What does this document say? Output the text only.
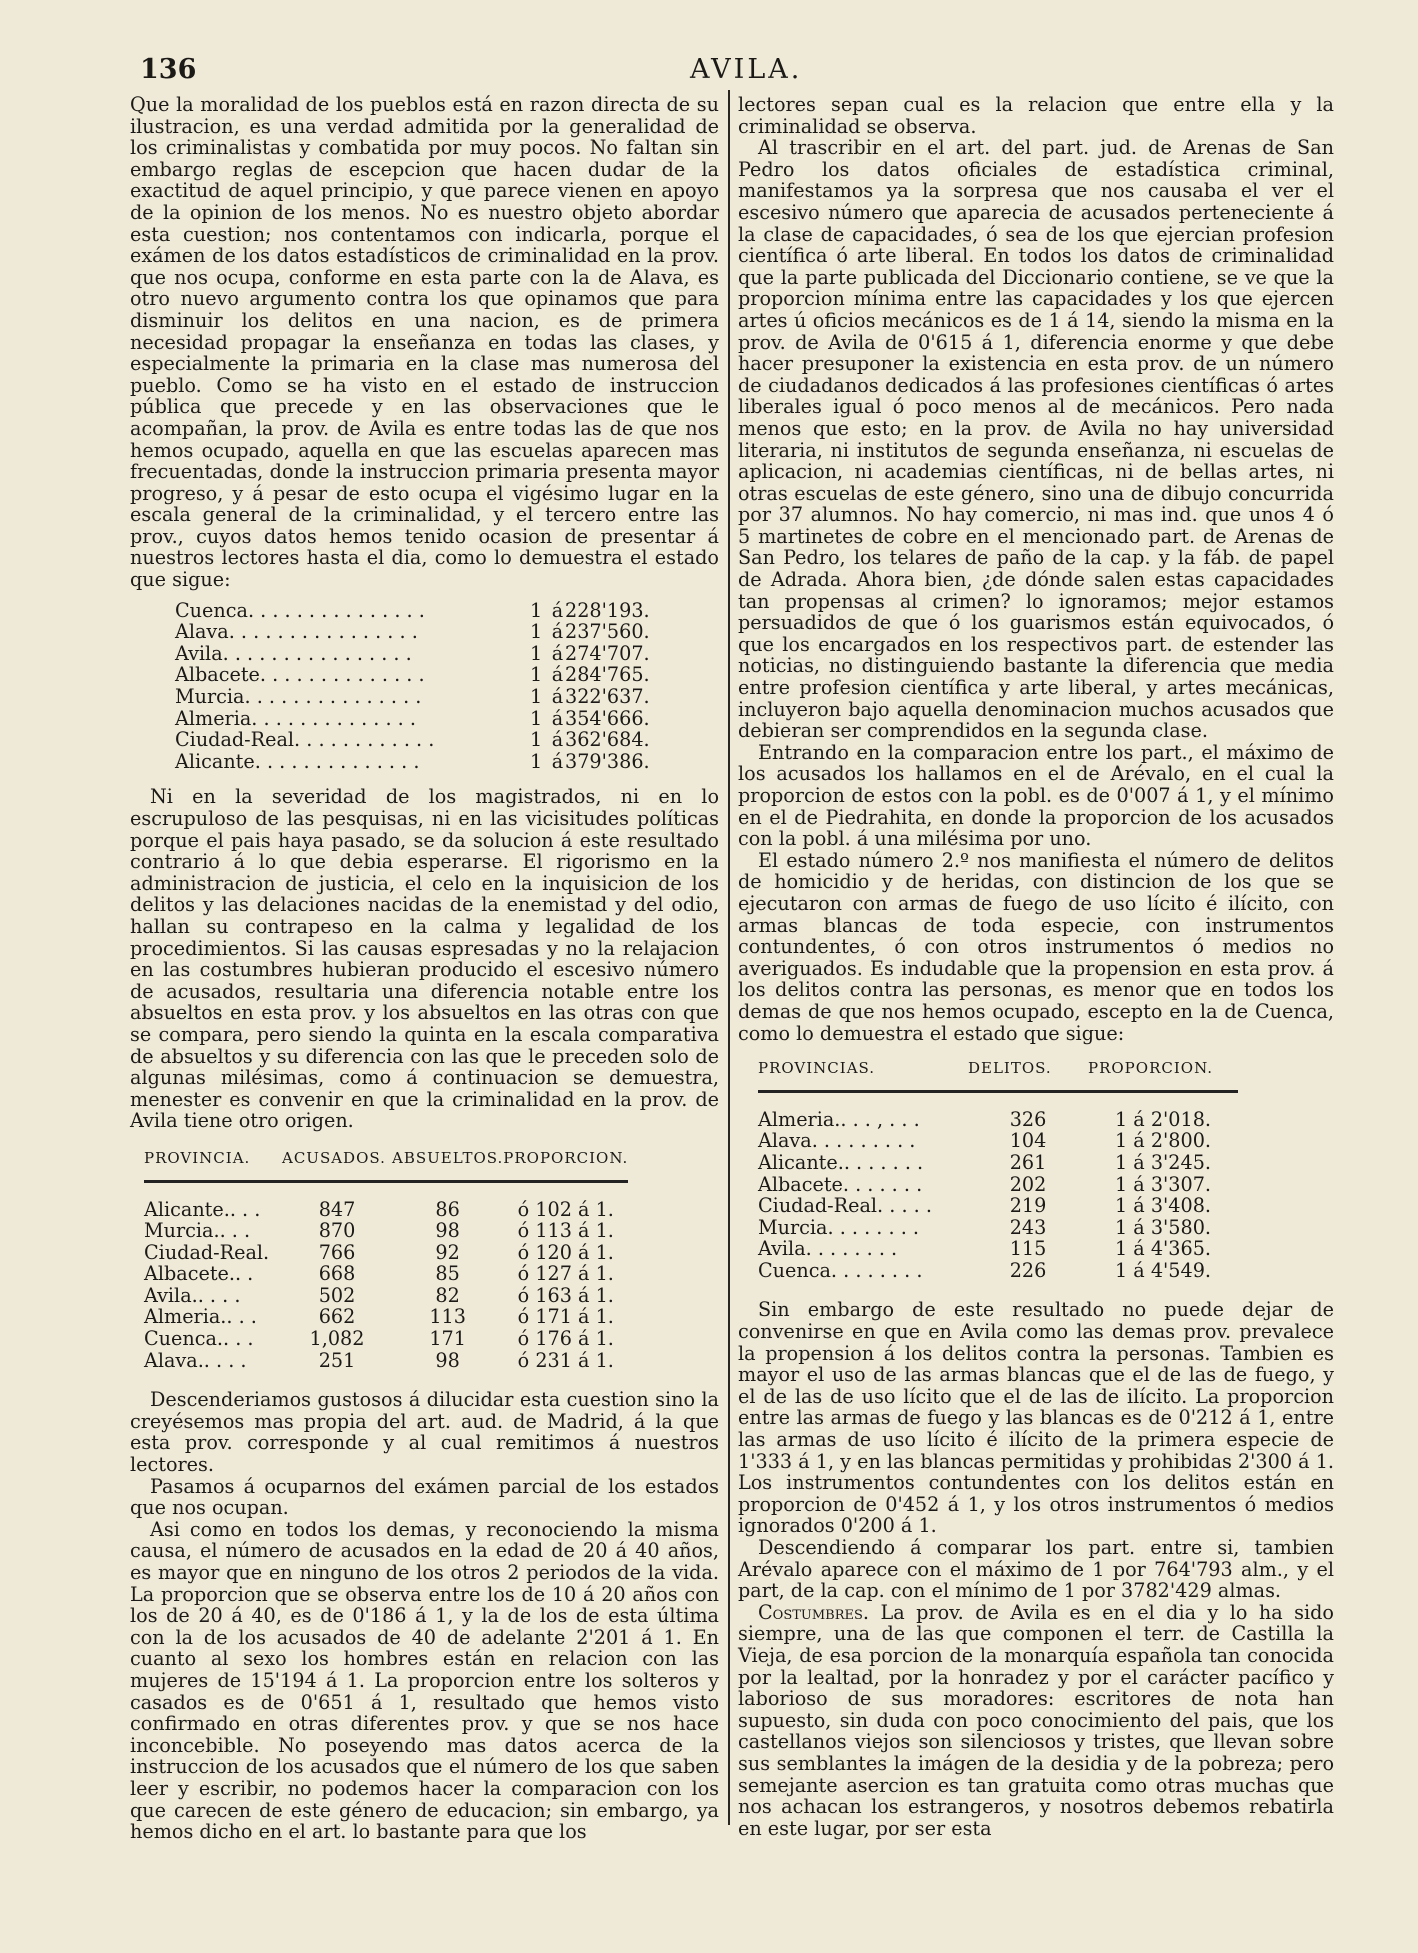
136	AVILA.

Que la moralidad de los pueblos está en razon directa de su ilustracion, es una verdad admitida por la generalidad de los criminalistas y combatida por muy pocos. No faltan sin embargo reglas de escepcion que hacen dudar de la exactitud de aquel principio, y que parece vienen en apoyo de la opinion de los menos. No es nuestro objeto abordar esta cuestion; nos contentamos con indicarla, porque el exámen de los datos estadísticos de criminalidad en la prov. que nos ocupa, conforme en esta parte con la de Alava, es otro nuevo argumento contra los que opinamos que para disminuir los delitos en una nacion, es de primera necesidad propagar la enseñanza en todas las clases, y especialmente la primaria en la clase mas numerosa del pueblo. Como se ha visto en el estado de instruccion pública que precede y en las observaciones que le acompañan, la prov. de Avila es entre todas las de que nos hemos ocupado, aquella en que las escuelas aparecen mas frecuentadas, donde la instruccion primaria presenta mayor progreso, y á pesar de esto ocupa el vigésimo lugar en la escala general de la criminalidad, y el tercero entre las prov., cuyos datos hemos tenido ocasion de presentar á nuestros lectores hasta el dia, como lo demuestra el estado que sigue:

Cuenca. . . . . . . . . . . . . . .	1	á	228'193.
Alava. . . . . . . . . . . . . . . .	1	á	237'560.
Avila. . . . . . . . . . . . . . . .	1	á	274'707.
Albacete. . . . . . . . . . . . . .	1	á	284'765.
Murcia. . . . . . . . . . . . . . .	1	á	322'637.
Almeria. . . . . . . . . . . . . .	1	á	354'666.
Ciudad-Real. . . . . . . . . . . .	1	á	362'684.
Alicante. . . . . . . . . . . . . .	1	á	379'386.

Ni en la severidad de los magistrados, ni en lo escrupuloso de las pesquisas, ni en las vicisitudes políticas porque el pais haya pasado, se da solucion á este resultado contrario á lo que debia esperarse. El rigorismo en la administracion de justicia, el celo en la inquisicion de los delitos y las delaciones nacidas de la enemistad y del odio, hallan su contrapeso en la calma y legalidad de los procedimientos. Si las causas espresadas y no la relajacion en las costumbres hubieran producido el escesivo número de acusados, resultaria una diferencia notable entre los absueltos en esta prov. y los absueltos en las otras con que se compara, pero siendo la quinta en la escala comparativa de absueltos y su diferencia con las que le preceden solo de algunas milésimas, como á continuacion se demuestra, menester es convenir en que la criminalidad en la prov. de Avila tiene otro origen.

PROVINCIA.	ACUSADOS.	ABSUELTOS.	PROPORCION.

Alicante.. . .	847	86	ó 102 á 1.
Murcia.. . .	870	98	ó 113 á 1.
Ciudad-Real.	766	92	ó 120 á 1.
Albacete.. .	668	85	ó 127 á 1.
Avila.. . . .	502	82	ó 163 á 1.
Almeria.. . .	662	113	ó 171 á 1.
Cuenca.. . .	1,082	171	ó 176 á 1.
Alava.. . . .	251	98	ó 231 á 1.

Descenderiamos gustosos á dilucidar esta cuestion sino la creyésemos mas propia del art. aud. de Madrid, á la que esta prov. corresponde y al cual remitimos á nuestros lectores.

Pasamos á ocuparnos del exámen parcial de los estados que nos ocupan.

Asi como en todos los demas, y reconociendo la misma causa, el número de acusados en la edad de 20 á 40 años, es mayor que en ninguno de los otros 2 periodos de la vida. La proporcion que se observa entre los de 10 á 20 años con los de 20 á 40, es de 0'186 á 1, y la de los de esta última con la de los acusados de 40 de adelante 2'201 á 1. En cuanto al sexo los hombres están en relacion con las mujeres de 15'194 á 1. La proporcion entre los solteros y casados es de 0'651 á 1, resultado que hemos visto confirmado en otras diferentes prov. y que se nos hace inconcebible. No poseyendo mas datos acerca de la instruccion de los acusados que el número de los que saben leer y escribir, no podemos hacer la comparacion con los que carecen de este género de educacion; sin embargo, ya hemos dicho en el art. lo bastante para que los

lectores sepan cual es la relacion que entre ella y la criminalidad se observa.

Al trascribir en el art. del part. jud. de Arenas de San Pedro los datos oficiales de estadística criminal, manifestamos ya la sorpresa que nos causaba el ver el escesivo número que aparecia de acusados perteneciente á la clase de capacidades, ó sea de los que ejercian profesion científica ó arte liberal. En todos los datos de criminalidad que la parte publicada del Diccionario contiene, se ve que la proporcion mínima entre las capacidades y los que ejercen artes ú oficios mecánicos es de 1 á 14, siendo la misma en la prov. de Avila de 0'615 á 1, diferencia enorme y que debe hacer presuponer la existencia en esta prov. de un número de ciudadanos dedicados á las profesiones científicas ó artes liberales igual ó poco menos al de mecánicos. Pero nada menos que esto; en la prov. de Avila no hay universidad literaria, ni institutos de segunda enseñanza, ni escuelas de aplicacion, ni academias científicas, ni de bellas artes, ni otras escuelas de este género, sino una de dibujo concurrida por 37 alumnos. No hay comercio, ni mas ind. que unos 4 ó 5 martinetes de cobre en el mencionado part. de Arenas de San Pedro, los telares de paño de la cap. y la fáb. de papel de Adrada. Ahora bien, ¿de dónde salen estas capacidades tan propensas al crimen? lo ignoramos; mejor estamos persuadidos de que ó los guarismos están equivocados, ó que los encargados en los respectivos part. de estender las noticias, no distinguiendo bastante la diferencia que media entre profesion científica y arte liberal, y artes mecánicas, incluyeron bajo aquella denominacion muchos acusados que debieran ser comprendidos en la segunda clase.

Entrando en la comparacion entre los part., el máximo de los acusados los hallamos en el de Arévalo, en el cual la proporcion de estos con la pobl. es de 0'007 á 1, y el mínimo en el de Piedrahita, en donde la proporcion de los acusados con la pobl. á una milésima por uno.

El estado número 2.º nos manifiesta el número de delitos de homicidio y de heridas, con distincion de los que se ejecutaron con armas de fuego de uso lícito é ilícito, con armas blancas de toda especie, con instrumentos contundentes, ó con otros instrumentos ó medios no averiguados. Es indudable que la propension en esta prov. á los delitos contra las personas, es menor que en todos los demas de que nos hemos ocupado, escepto en la de Cuenca, como lo demuestra el estado que sigue:

PROVINCIAS.	DELITOS.	PROPORCION.

Almeria.. . . , . . .	326	1 á 2'018.
Alava. . . . . . . . .	104	1 á 2'800.
Alicante.. . . . . . .	261	1 á 3'245.
Albacete. . . . . . .	202	1 á 3'307.
Ciudad-Real. . . . .	219	1 á 3'408.
Murcia. . . . . . . .	243	1 á 3'580.
Avila. . . . . . . .	115	1 á 4'365.
Cuenca. . . . . . . .	226	1 á 4'549.

Sin embargo de este resultado no puede dejar de convenirse en que en Avila como las demas prov. prevalece la propension á los delitos contra la personas. Tambien es mayor el uso de las armas blancas que el de las de fuego, y el de las de uso lícito que el de las de ilícito. La proporcion entre las armas de fuego y las blancas es de 0'212 á 1, entre las armas de uso lícito é ilícito de la primera especie de 1'333 á 1, y en las blancas permitidas y prohibidas 2'300 á 1. Los instrumentos contundentes con los delitos están en proporcion de 0'452 á 1, y los otros instrumentos ó medios ignorados 0'200 á 1.

Descendiendo á comparar los part. entre si, tambien Arévalo aparece con el máximo de 1 por 764'793 alm., y el part, de la cap. con el mínimo de 1 por 3782'429 almas.

Costumbres. La prov. de Avila es en el dia y lo ha sido siempre, una de las que componen el terr. de Castilla la Vieja, de esa porcion de la monarquía española tan conocida por la lealtad, por la honradez y por el carácter pacífico y laborioso de sus moradores: escritores de nota han supuesto, sin duda con poco conocimiento del pais, que los castellanos viejos son silenciosos y tristes, que llevan sobre sus semblantes la imágen de la desidia y de la pobreza; pero semejante asercion es tan gratuita como otras muchas que nos achacan los estrangeros, y nosotros debemos rebatirla en este lugar, por ser esta
